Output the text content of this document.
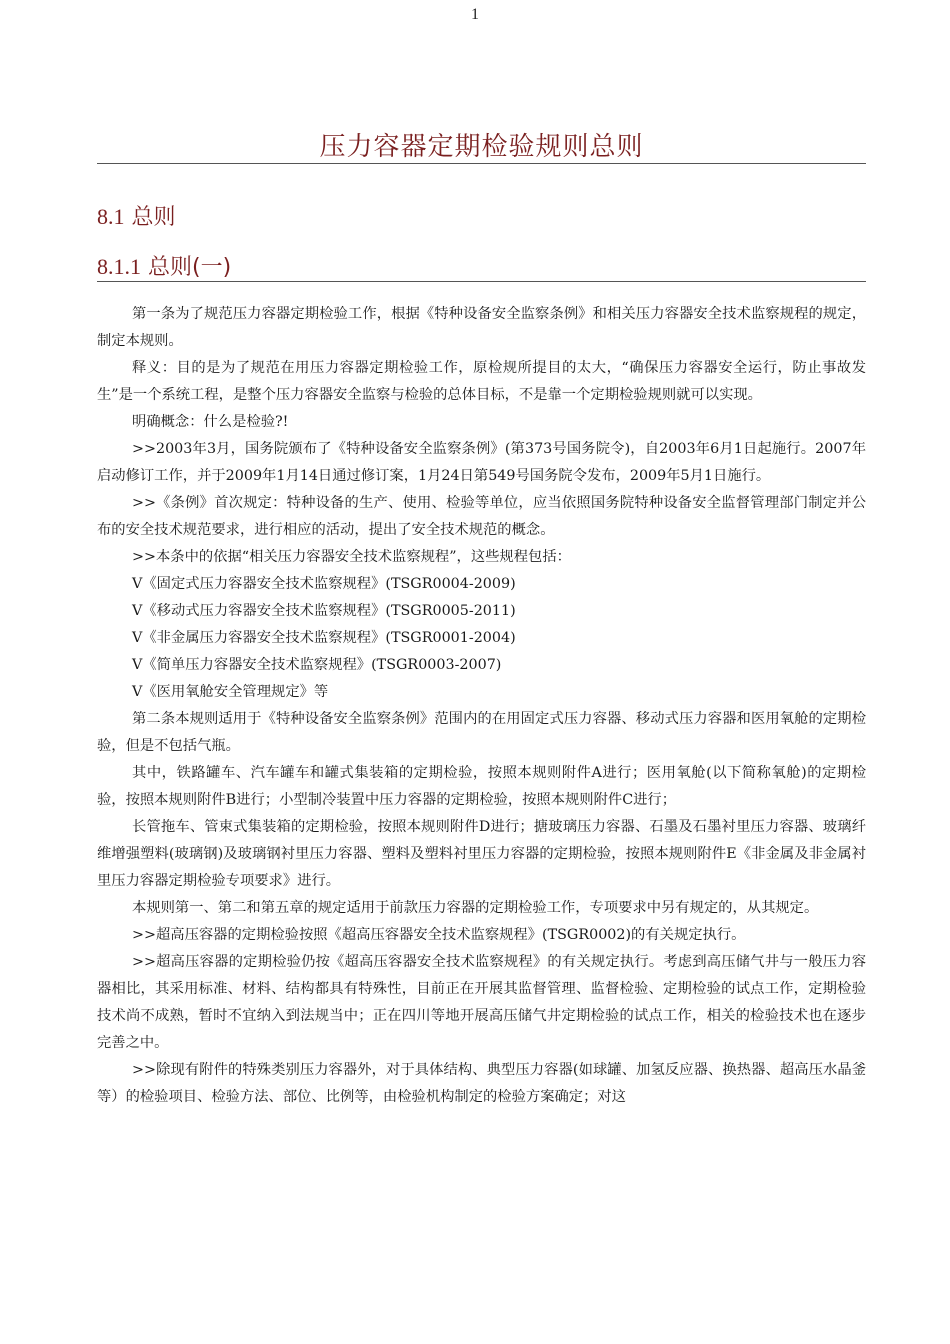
1
压力容器定期检验规则总则
8.1 总则
8.1.1 总则(一)

第一条为了规范压力容器定期检验工作，根据《特种设备安全监察条例》和相关压力容器安全技术监察规程的规定，制定本规则。

释义：目的是为了规范在用压力容器定期检验工作，原检规所提目的太大，“确保压力容器安全运行，防止事故发生”是一个系统工程，是整个压力容器安全监察与检验的总体目标，不是靠一个定期检验规则就可以实现。

明确概念：什么是检验?!

>>2003年3月，国务院颁布了《特种设备安全监察条例》(第373号国务院令)，自2003年6月1日起施行。2007年启动修订工作，并于2009年1月14日通过修订案，1月24日第549号国务院令发布，2009年5月1日施行。

>>《条例》首次规定：特种设备的生产、使用、检验等单位，应当依照国务院特种设备安全监督管理部门制定并公布的安全技术规范要求，进行相应的活动，提出了安全技术规范的概念。

>>本条中的依据“相关压力容器安全技术监察规程”，这些规程包括：

V《固定式压力容器安全技术监察规程》(TSGR0004-2009)

V《移动式压力容器安全技术监察规程》(TSGR0005-2011)

V《非金属压力容器安全技术监察规程》(TSGR0001-2004)

V《简单压力容器安全技术监察规程》(TSGR0003-2007)

V《医用氧舱安全管理规定》等

第二条本规则适用于《特种设备安全监察条例》范围内的在用固定式压力容器、移动式压力容器和医用氧舱的定期检验，但是不包括气瓶。

其中，铁路罐车、汽车罐车和罐式集装箱的定期检验，按照本规则附件A进行；医用氧舱(以下简称氧舱)的定期检验，按照本规则附件B进行；小型制冷装置中压力容器的定期检验，按照本规则附件C进行；

长管拖车、管束式集装箱的定期检验，按照本规则附件D进行；搪玻璃压力容器、石墨及石墨衬里压力容器、玻璃纤维增强塑料(玻璃钢)及玻璃钢衬里压力容器、塑料及塑料衬里压力容器的定期检验，按照本规则附件E《非金属及非金属衬里压力容器定期检验专项要求》进行。

本规则第一、第二和第五章的规定适用于前款压力容器的定期检验工作，专项要求中另有规定的，从其规定。

>>超高压容器的定期检验按照《超高压容器安全技术监察规程》(TSGR0002)的有关规定执行。

>>超高压容器的定期检验仍按《超高压容器安全技术监察规程》的有关规定执行。考虑到高压储气井与一般压力容器相比，其采用标准、材料、结构都具有特殊性，目前正在开展其监督管理、监督检验、定期检验的试点工作，定期检验技术尚不成熟，暂时不宜纳入到法规当中；正在四川等地开展高压储气井定期检验的试点工作，相关的检验技术也在逐步完善之中。

>>除现有附件的特殊类别压力容器外，对于具体结构、典型压力容器(如球罐、加氢反应器、换热器、超高压水晶釜等）的检验项目、检验方法、部位、比例等，由检验机构制定的检验方案确定；对这
